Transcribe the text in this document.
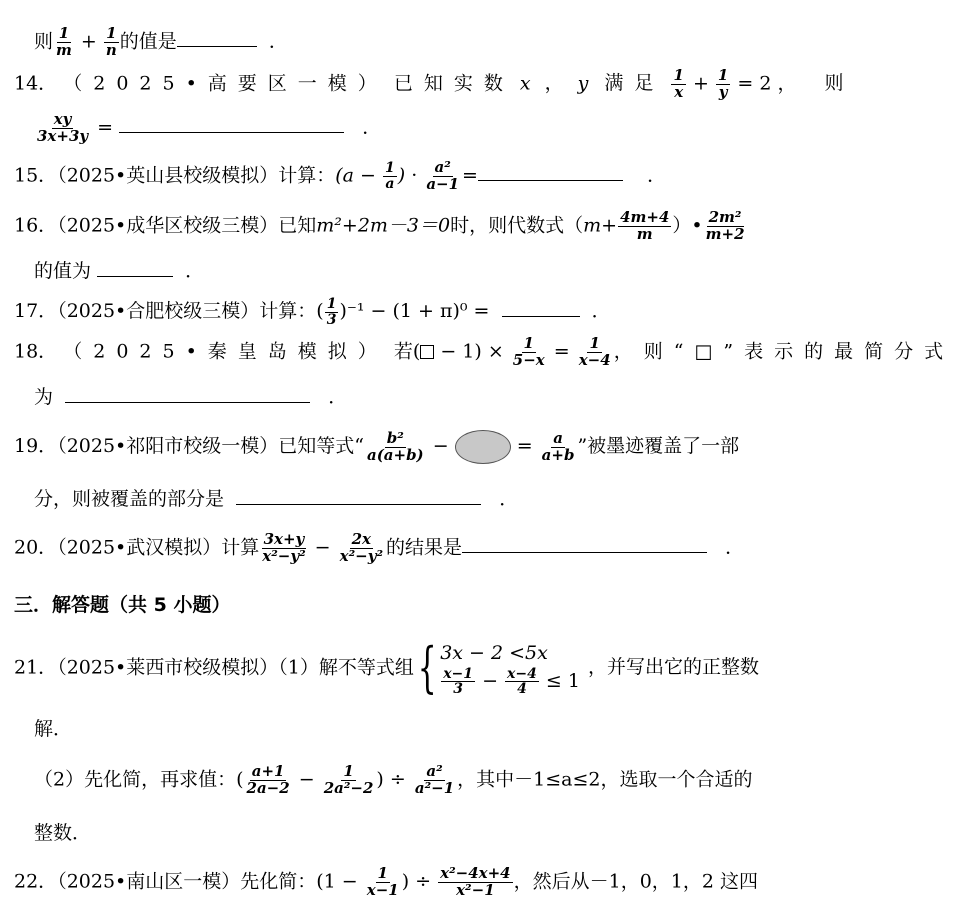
则 $\frac{1}{m} + \frac{1}{n}$ 的值是	．
14． （2025•高要区一模） 已知实数 x ， y 满足 $\frac{1}{x} + \frac{1}{y} = 2$ ， 则
$\frac{xy}{3x+3y}$ =	．
15．（2025•英山县校级模拟）计算：($a - \frac{1}{a}$ ) · $\frac{\text{a²}}{a-1}$ =	．
16．（2025•成华区校级三模）已知m²+2m－3＝0时，则代数式（$m+ \frac{4m+4}{m}$ ）• $\frac{\text{2m²}}{m+2}$
的值为	．
17．（2025•合肥校级三模）计算：( $\frac{1}{3} )^{-1} - (1 + \pi)^0$ =	．
18． （2025•秦皇岛模拟） 若( − $1) \times \frac{1}{5-x} = \frac{1}{x-4}$ ，则“□”表示的最简分式
为	．
19．（2025•祁阳市校级一模）已知等式“ $\frac{\text{b²}}{a(a+b)}$ −	= $\frac{a}{a+b}$ ”被墨迹覆盖了一部
分，则被覆盖的部分是	．
20．（2025•武汉模拟）计算 $\frac{3x+y}{\text{x²−y²}} - \frac{2x}{\text{x²−y²}}$ 的结果是	．
三．解答题（共 5 小题）
21．（2025•莱西市校级模拟）（1）解不等式组{ 3x − 2 <5x
$\frac{x-1}{3} - \frac{x-4}{4} \le 1$
，并写出它的正整数
解．
（2）先化简，再求值：( $\frac{a+1}{2a-2} - \frac{1}{\text{2a²−2}}$ ) ÷ $\frac{\text{a²}}{\text{a²−1}}$ ，其中－1≤a≤2，选取一个合适的
整数．
22．（2025•南山区一模）先化简：($1 - \frac{1}{x-1}$ ) ÷ $\frac{\text{x²−4x+4}}{\text{x²−1}}$ ，然后从－1，0，1，2 这四
